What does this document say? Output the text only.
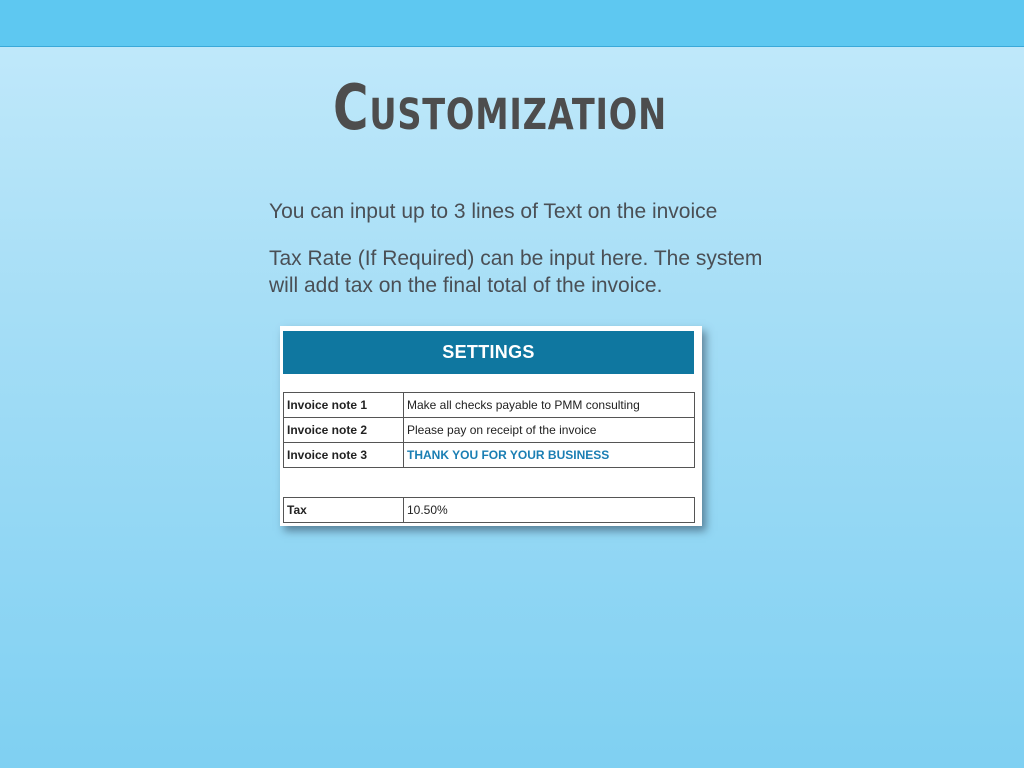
Customization

You can input up to 3 lines of Text on the invoice

Tax Rate (If Required) can be input here. The system will add tax on the final total of the invoice.

SETTINGS
Invoice note 1	Make all checks payable to PMM consulting
Invoice note 2	Please pay on receipt of the invoice
Invoice note 3	THANK YOU FOR YOUR BUSINESS
Tax	10.50%
